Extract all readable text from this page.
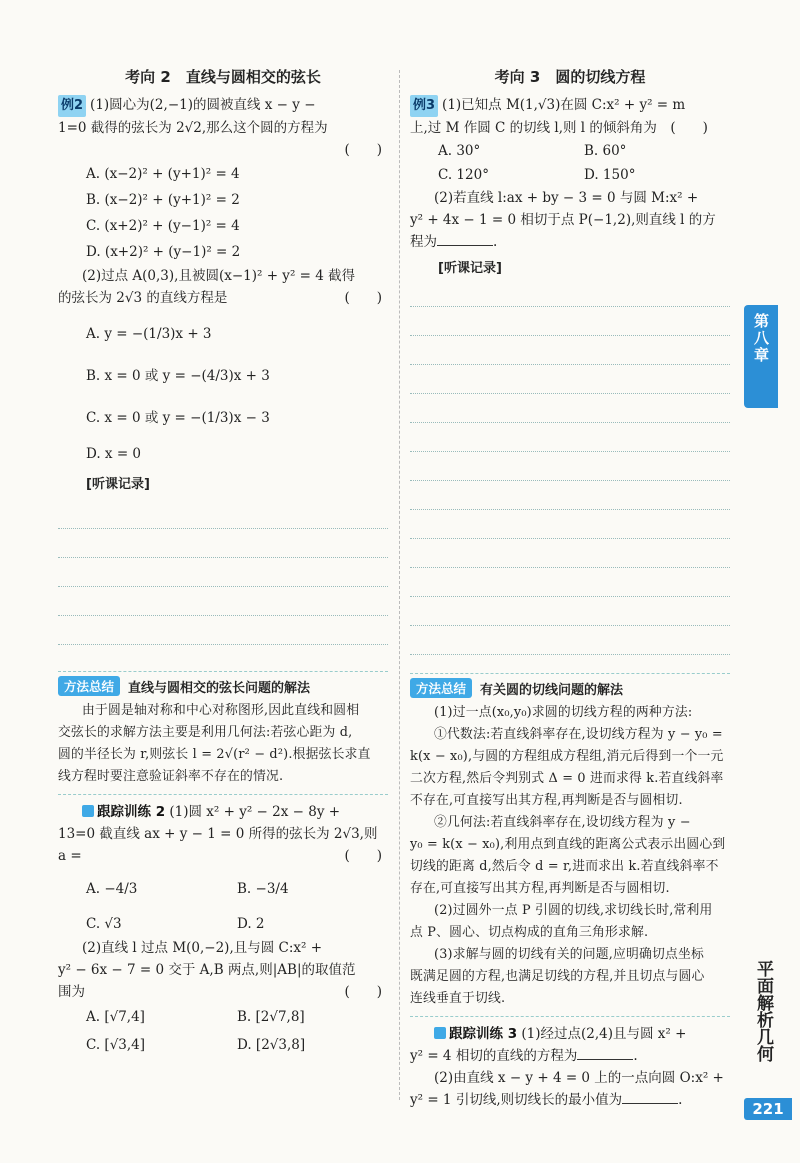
考向 2　直线与圆相交的弦长
例2 (1)圆心为(2,−1)的圆被直线 x − y −
1=0 截得的弦长为 2√2,那么这个圆的方程为
(　　)
A. (x−2)² + (y+1)² = 4
B. (x−2)² + (y+1)² = 2
C. (x+2)² + (y−1)² = 4
D. (x+2)² + (y−1)² = 2
(2)过点 A(0,3),且被圆(x−1)² + y² = 4 截得
的弦长为 2√3 的直线方程是	(　　)
A. y = −(1/3)x + 3
B. x = 0 或 y = −(4/3)x + 3
C. x = 0 或 y = −(1/3)x − 3
D. x = 0
[听课记录]
方法总结	直线与圆相交的弦长问题的解法

由于圆是轴对称和中心对称图形,因此直线和圆相

交弦长的求解方法主要是利用几何法:若弦心距为 d,

圆的半径长为 r,则弦长 l = 2√(r² − d²).根据弦长求直

线方程时要注意验证斜率不存在的情况.

跟踪训练 2 (1)圆 x² + y² − 2x − 8y +
13=0 截直线 ax + y − 1 = 0 所得的弦长为 2√3,则
a =	(　　)
A. −4/3	B. −3/4
C. √3	D. 2
(2)直线 l 过点 M(0,−2),且与圆 C:x² +
y² − 6x − 7 = 0 交于 A,B 两点,则|AB|的取值范
围为	(　　)
A. [√7,4]	B. [2√7,8]
C. [√3,4]	D. [2√3,8]
考向 3　圆的切线方程
例3 (1)已知点 M(1,√3)在圆 C:x² + y² = m
上,过 M 作圆 C 的切线 l,则 l 的倾斜角为　(　　)
A. 30°	B. 60°
C. 120°	D. 150°
(2)若直线 l:ax + by − 3 = 0 与圆 M:x² +
y² + 4x − 1 = 0 相切于点 P(−1,2),则直线 l 的方
程为	.
[听课记录]
方法总结	有关圆的切线问题的解法

(1)过一点(x₀,y₀)求圆的切线方程的两种方法:

①代数法:若直线斜率存在,设切线方程为 y − y₀ =

k(x − x₀),与圆的方程组成方程组,消元后得到一个一元

二次方程,然后令判别式 Δ = 0 进而求得 k.若直线斜率

不存在,可直接写出其方程,再判断是否与圆相切.

②几何法:若直线斜率存在,设切线方程为 y −

y₀ = k(x − x₀),利用点到直线的距离公式表示出圆心到

切线的距离 d,然后令 d = r,进而求出 k.若直线斜率不

存在,可直接写出其方程,再判断是否与圆相切.

(2)过圆外一点 P 引圆的切线,求切线长时,常利用

点 P、圆心、切点构成的直角三角形求解.

(3)求解与圆的切线有关的问题,应明确切点坐标

既满足圆的方程,也满足切线的方程,并且切点与圆心

连线垂直于切线.

跟踪训练 3 (1)经过点(2,4)且与圆 x² +
y² = 4 相切的直线的方程为	.
(2)由直线 x − y + 4 = 0 上的一点向圆 O:x² +
y² = 1 引切线,则切线长的最小值为	.
第八章
平面解析几何
221
